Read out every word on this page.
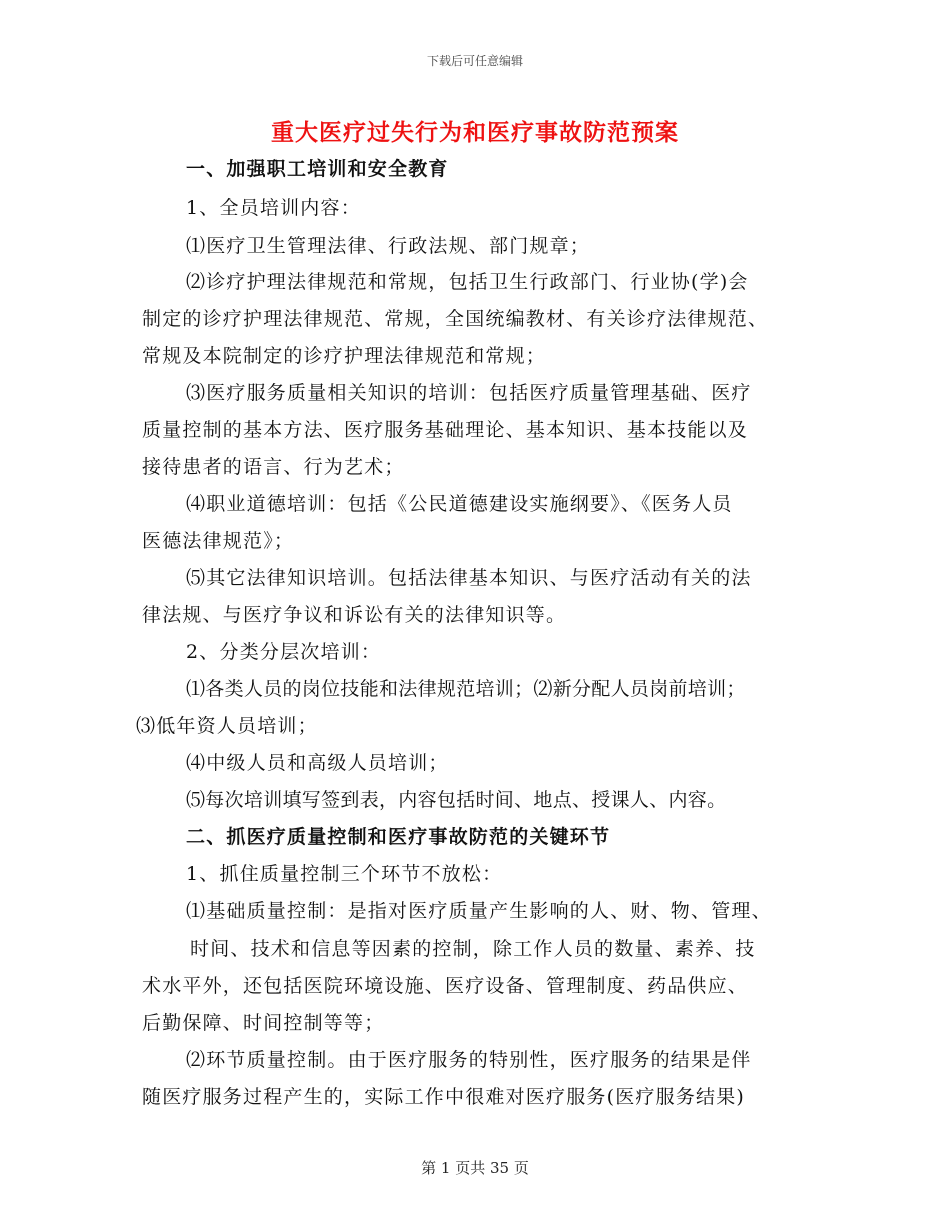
下载后可任意编辑
重大医疗过失行为和医疗事故防范预案
一、加强职工培训和安全教育
1、全员培训内容：
⑴医疗卫生管理法律、行政法规、部门规章；
⑵诊疗护理法律规范和常规，包括卫生行政部门、行业协(学)会
制定的诊疗护理法律规范、常规，全国统编教材、有关诊疗法律规范、
常规及本院制定的诊疗护理法律规范和常规；
⑶医疗服务质量相关知识的培训：包括医疗质量管理基础、医疗
质量控制的基本方法、医疗服务基础理论、基本知识、基本技能以及
接待患者的语言、行为艺术；
⑷职业道德培训：包括《公民道德建设实施纲要》、《医务人员
医德法律规范》；
⑸其它法律知识培训。包括法律基本知识、与医疗活动有关的法
律法规、与医疗争议和诉讼有关的法律知识等。
2、分类分层次培训：
⑴各类人员的岗位技能和法律规范培训；⑵新分配人员岗前培训；
⑶低年资人员培训；
⑷中级人员和高级人员培训；
⑸每次培训填写签到表，内容包括时间、地点、授课人、内容。
二、抓医疗质量控制和医疗事故防范的关键环节
1、抓住质量控制三个环节不放松：
⑴基础质量控制：是指对医疗质量产生影响的人、财、物、管理、
时间、技术和信息等因素的控制，除工作人员的数量、素养、技
术水平外，还包括医院环境设施、医疗设备、管理制度、药品供应、
后勤保障、时间控制等等；
⑵环节质量控制。由于医疗服务的特别性，医疗服务的结果是伴
随医疗服务过程产生的，实际工作中很难对医疗服务(医疗服务结果)
第 1 页共 35 页
